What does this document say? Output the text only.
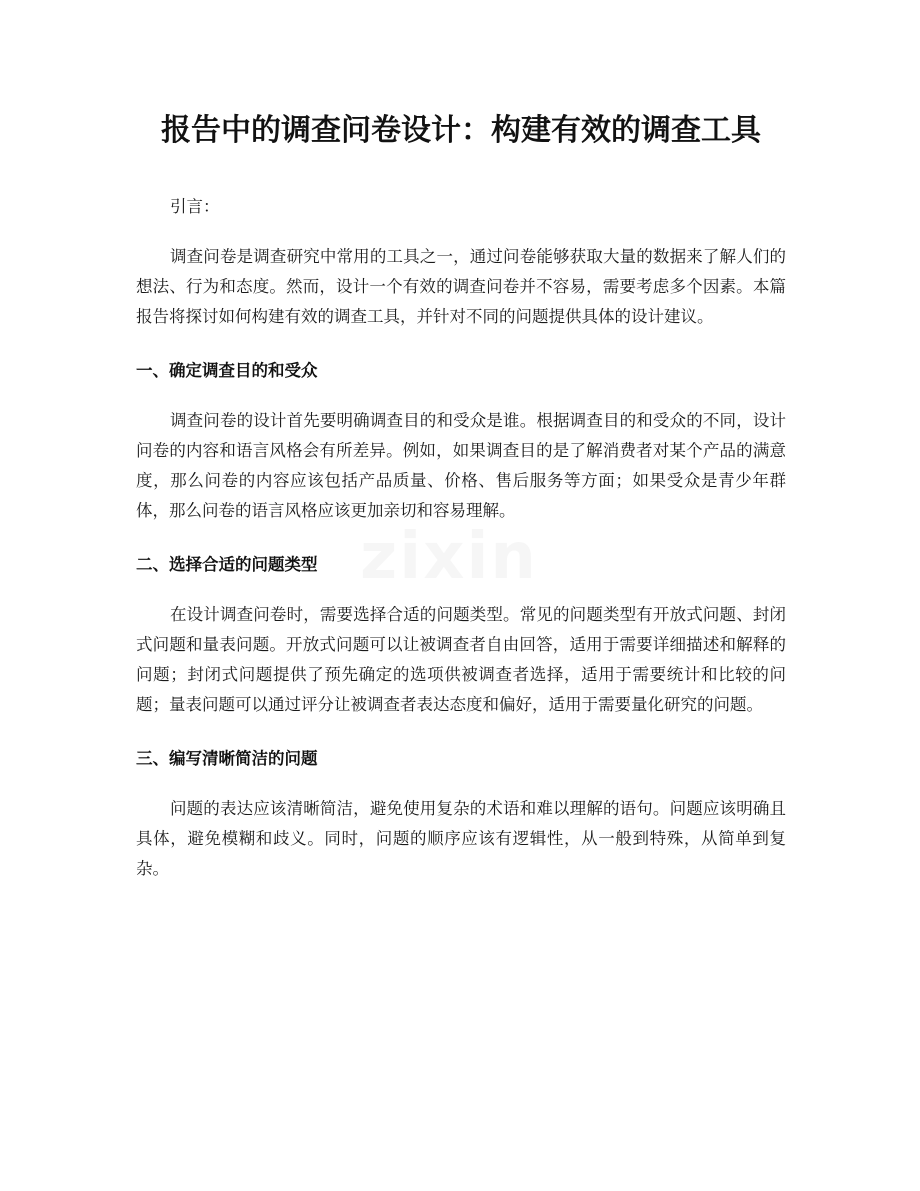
报告中的调查问卷设计：构建有效的调查工具

引言：

调查问卷是调查研究中常用的工具之一，通过问卷能够获取大量的数据来了解人们的想法、行为和态度。然而，设计一个有效的调查问卷并不容易，需要考虑多个因素。本篇报告将探讨如何构建有效的调查工具，并针对不同的问题提供具体的设计建议。

一、确定调查目的和受众

调查问卷的设计首先要明确调查目的和受众是谁。根据调查目的和受众的不同，设计问卷的内容和语言风格会有所差异。例如，如果调查目的是了解消费者对某个产品的满意度，那么问卷的内容应该包括产品质量、价格、售后服务等方面；如果受众是青少年群体，那么问卷的语言风格应该更加亲切和容易理解。

二、选择合适的问题类型

在设计调查问卷时，需要选择合适的问题类型。常见的问题类型有开放式问题、封闭式问题和量表问题。开放式问题可以让被调查者自由回答，适用于需要详细描述和解释的问题；封闭式问题提供了预先确定的选项供被调查者选择，适用于需要统计和比较的问题；量表问题可以通过评分让被调查者表达态度和偏好，适用于需要量化研究的问题。

三、编写清晰简洁的问题

问题的表达应该清晰简洁，避免使用复杂的术语和难以理解的语句。问题应该明确且具体，避免模糊和歧义。同时，问题的顺序应该有逻辑性，从一般到特殊，从简单到复杂。
